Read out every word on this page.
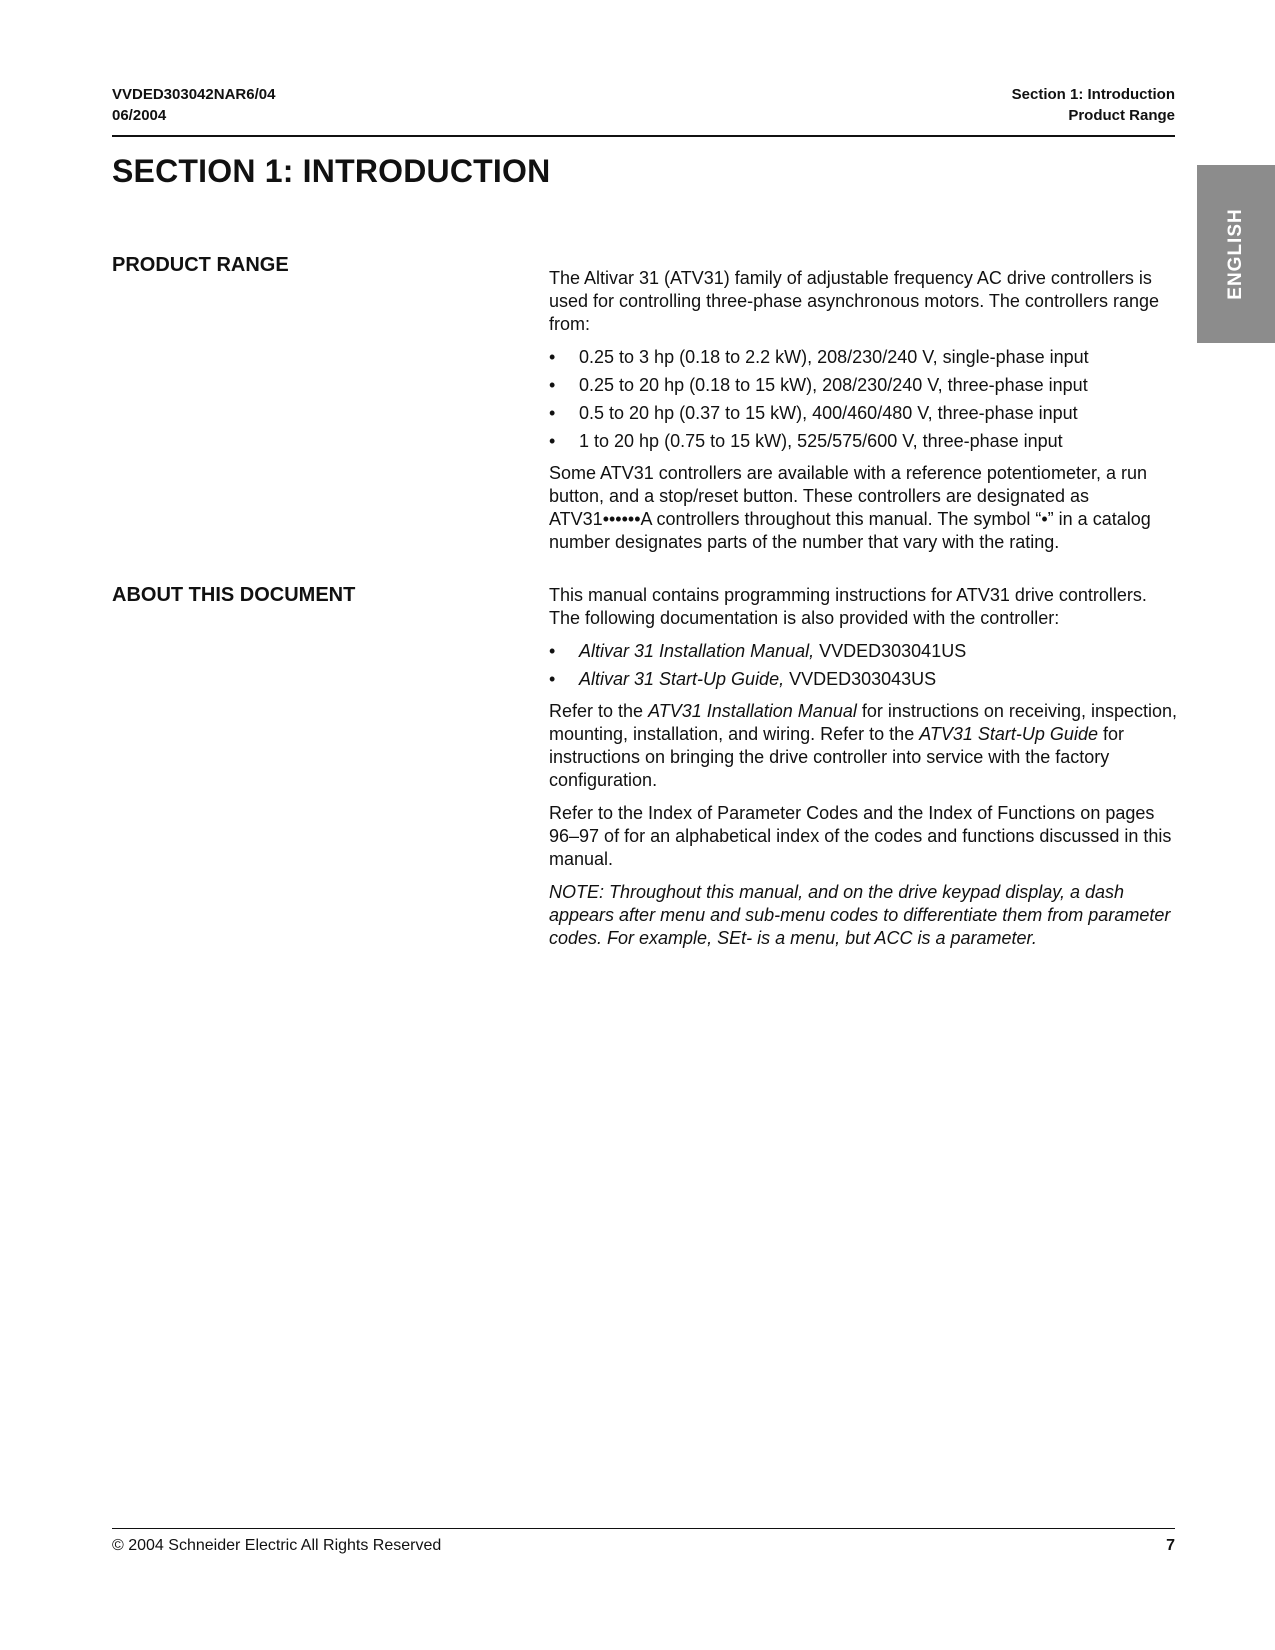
VVDED303042NAR6/04
06/2004
Section 1: Introduction
Product Range
SECTION 1: INTRODUCTION
ENGLISH
PRODUCT RANGE

The Altivar 31 (ATV31) family of adjustable frequency AC drive controllers is used for controlling three-phase asynchronous motors. The controllers range from:

• 0.25 to 3 hp (0.18 to 2.2 kW), 208/230/240 V, single-phase input
• 0.25 to 20 hp (0.18 to 15 kW), 208/230/240 V, three-phase input
• 0.5 to 20 hp (0.37 to 15 kW), 400/460/480 V, three-phase input
• 1 to 20 hp (0.75 to 15 kW), 525/575/600 V, three-phase input

Some ATV31 controllers are available with a reference potentiometer, a run button, and a stop/reset button. These controllers are designated as ATV31••••••A controllers throughout this manual. The symbol “•” in a catalog number designates parts of the number that vary with the rating.

ABOUT THIS DOCUMENT	This manual contains programming instructions for ATV31 drive controllers. The following documentation is also provided with the controller:

• Altivar 31 Installation Manual, VVDED303041US
• Altivar 31 Start-Up Guide, VVDED303043US

Refer to the ATV31 Installation Manual for instructions on receiving, inspection, mounting, installation, and wiring. Refer to the ATV31 Start-Up Guide for instructions on bringing the drive controller into service with the factory configuration.

Refer to the Index of Parameter Codes and the Index of Functions on pages 96–97 of for an alphabetical index of the codes and functions discussed in this manual.

NOTE: Throughout this manual, and on the drive keypad display, a dash appears after menu and sub-menu codes to differentiate them from parameter codes. For example, SEt- is a menu, but ACC is a parameter.

© 2004 Schneider Electric All Rights Reserved	7
